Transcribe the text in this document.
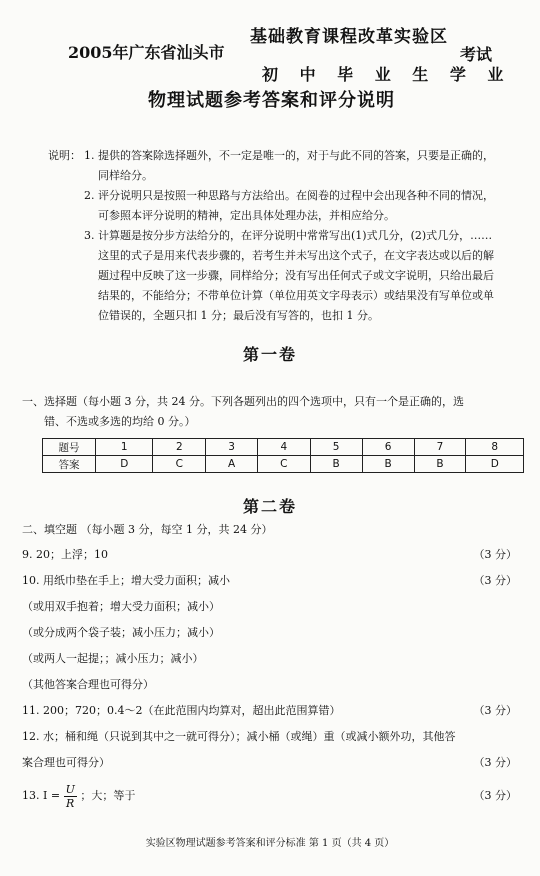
2005年广东省汕头市
基础教育课程改革实验区
初 中 毕 业 生 学 业
考试
物理试题参考答案和评分说明
说明： 1. 提供的答案除选择题外，不一定是唯一的，对于与此不同的答案，只要是正确的，
同样给分。
2. 评分说明只是按照一种思路与方法给出。在阅卷的过程中会出现各种不同的情况，
可参照本评分说明的精神，定出具体处理办法，并相应给分。
3. 计算题是按分步方法给分的，在评分说明中常常写出(1)式几分，(2)式几分，……
这里的式子是用来代表步骤的，若考生并未写出这个式子，在文字表达或以后的解
题过程中反映了这一步骤，同样给分；没有写出任何式子或文字说明，只给出最后
结果的，不能给分；不带单位计算（单位用英文字母表示）或结果没有写单位或单
位错误的，全题只扣 1 分；最后没有写答的，也扣 1 分。
第一卷
一、选择题（每小题 3 分，共 24 分。下列各题列出的四个选项中，只有一个是正确的，选
错、不选或多选的均给 0 分。）
题号	1	2	3	4	5	6	7	8
答案	D	C	A	C	B	B	B	D
第二卷
二、填空题 （每小题 3 分，每空 1 分，共 24 分）
9. 20；上浮；10	（3 分）
10. 用纸巾垫在手上；增大受力面积；减小	（3 分）
（或用双手抱着；增大受力面积；减小）
（或分成两个袋子装；减小压力；减小）
（或两人一起提；；减小压力；减小）
（其他答案合理也可得分）
11. 200；720；0.4～2（在此范围内均算对，超出此范围算错）	（3 分）
12. 水；桶和绳（只说到其中之一就可得分）；减小桶（或绳）重（或减小额外功，其他答
案合理也可得分）	（3 分）
13. $I = \frac{U}{R}$ ；大；等于	（3 分）
实验区物理试题参考答案和评分标准 第 1 页（共 4 页）
